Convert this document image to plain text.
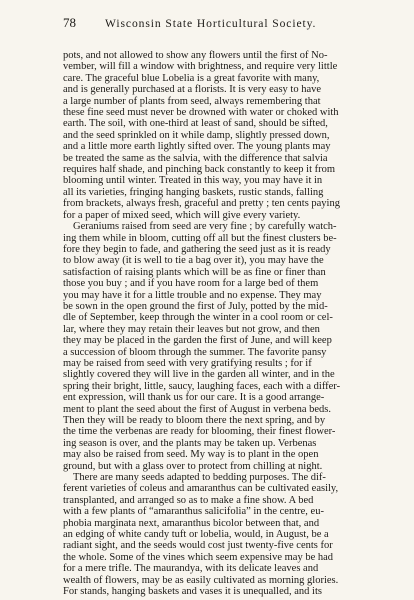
78	Wisconsin State Horticultural Society.

pots, and not allowed to show any flowers until the first of No-

vember, will fill a window with brightness, and require very little

care. The graceful blue Lobelia is a great favorite with many,

and is generally purchased at a florists. It is very easy to have

a large number of plants from seed, always remembering that

these fine seed must never be drowned with water or choked with

earth. The soil, with one-third at least of sand, should be sifted,

and the seed sprinkled on it while damp, slightly pressed down,

and a little more earth lightly sifted over. The young plants may

be treated the same as the salvia, with the difference that salvia

requires half shade, and pinching back constantly to keep it from

blooming until winter. Treated in this way, you may have it in

all its varieties, fringing hanging baskets, rustic stands, falling

from brackets, always fresh, graceful and pretty ; ten cents paying

for a paper of mixed seed, which will give every variety.

Geraniums raised from seed are very fine ; by carefully watch-

ing them while in bloom, cutting off all but the finest clusters be-

fore they begin to fade, and gathering the seed just as it is ready

to blow away (it is well to tie a bag over it), you may have the

satisfaction of raising plants which will be as fine or finer than

those you buy ; and if you have room for a large bed of them

you may have it for a little trouble and no expense. They may

be sown in the open ground the first of July, potted by the mid-

dle of September, keep through the winter in a cool room or cel-

lar, where they may retain their leaves but not grow, and then

they may be placed in the garden the first of June, and will keep

a succession of bloom through the summer. The favorite pansy

may be raised from seed with very gratifying results ; for if

slightly covered they will live in the garden all winter, and in the

spring their bright, little, saucy, laughing faces, each with a differ-

ent expression, will thank us for our care. It is a good arrange-

ment to plant the seed about the first of August in verbena beds.

Then they will be ready to bloom there the next spring, and by

the time the verbenas are ready for blooming, their finest flower-

ing season is over, and the plants may be taken up. Verbenas

may also be raised from seed. My way is to plant in the open

ground, but with a glass over to protect from chilling at night.

There are many seeds adapted to bedding purposes. The dif-

ferent varieties of coleus and amaranthus can be cultivated easily,

transplanted, and arranged so as to make a fine show. A bed

with a few plants of “amaranthus salicifolia” in the centre, eu-

phobia marginata next, amaranthus bicolor between that, and

an edging of white candy tuft or lobelia, would, in August, be a

radiant sight, and the seeds would cost just twenty-five cents for

the whole. Some of the vines which seem expensive may be had

for a mere trifle. The maurandya, with its delicate leaves and

wealth of flowers, may be as easily cultivated as morning glories.

For stands, hanging baskets and vases it is unequalled, and its
